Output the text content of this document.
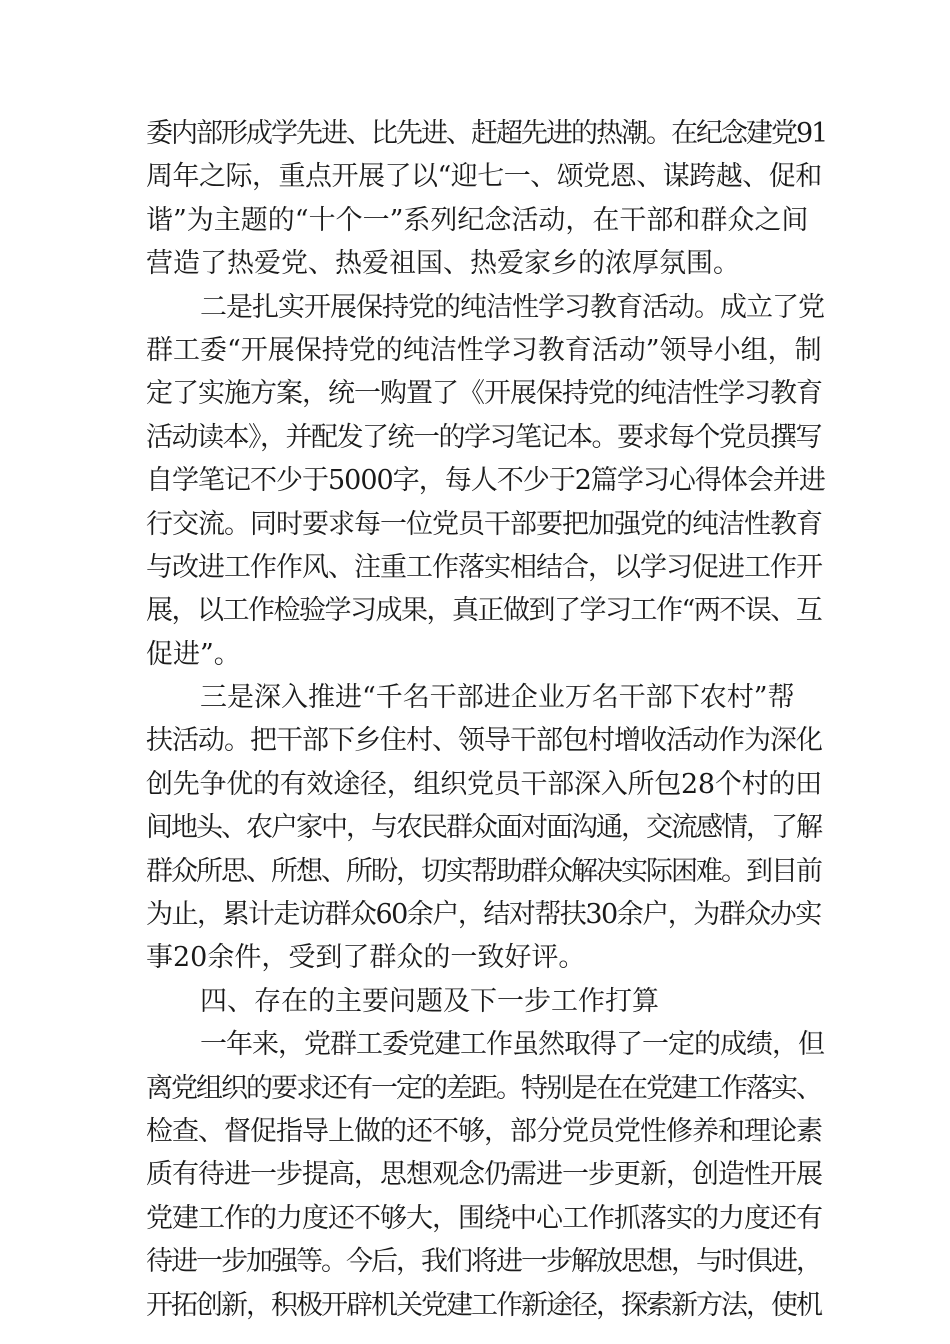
委内部形成学先进、比先进、赶超先进的热潮。在纪念建党91
周年之际，重点开展了以“迎七一、颂党恩、谋跨越、促和
谐”为主题的“十个一”系列纪念活动，在干部和群众之间
营造了热爱党、热爱祖国、热爱家乡的浓厚氛围。
二是扎实开展保持党的纯洁性学习教育活动。成立了党
群工委“开展保持党的纯洁性学习教育活动”领导小组，制
定了实施方案，统一购置了《开展保持党的纯洁性学习教育
活动读本》，并配发了统一的学习笔记本。要求每个党员撰写
自学笔记不少于5000字，每人不少于2篇学习心得体会并进
行交流。同时要求每一位党员干部要把加强党的纯洁性教育
与改进工作作风、注重工作落实相结合，以学习促进工作开
展，以工作检验学习成果，真正做到了学习工作“两不误、互
促进”。
三是深入推进“千名干部进企业万名干部下农村”帮
扶活动。把干部下乡住村、领导干部包村增收活动作为深化
创先争优的有效途径，组织党员干部深入所包28个村的田
间地头、农户家中，与农民群众面对面沟通，交流感情，了解
群众所思、所想、所盼，切实帮助群众解决实际困难。到目前
为止，累计走访群众60余户，结对帮扶30余户，为群众办实
事20余件，受到了群众的一致好评。
四、存在的主要问题及下一步工作打算
一年来，党群工委党建工作虽然取得了一定的成绩，但
离党组织的要求还有一定的差距。特别是在在党建工作落实、
检查、督促指导上做的还不够，部分党员党性修养和理论素
质有待进一步提高，思想观念仍需进一步更新，创造性开展
党建工作的力度还不够大，围绕中心工作抓落实的力度还有
待进一步加强等。今后，我们将进一步解放思想，与时俱进，
开拓创新，积极开辟机关党建工作新途径，探索新方法，使机
